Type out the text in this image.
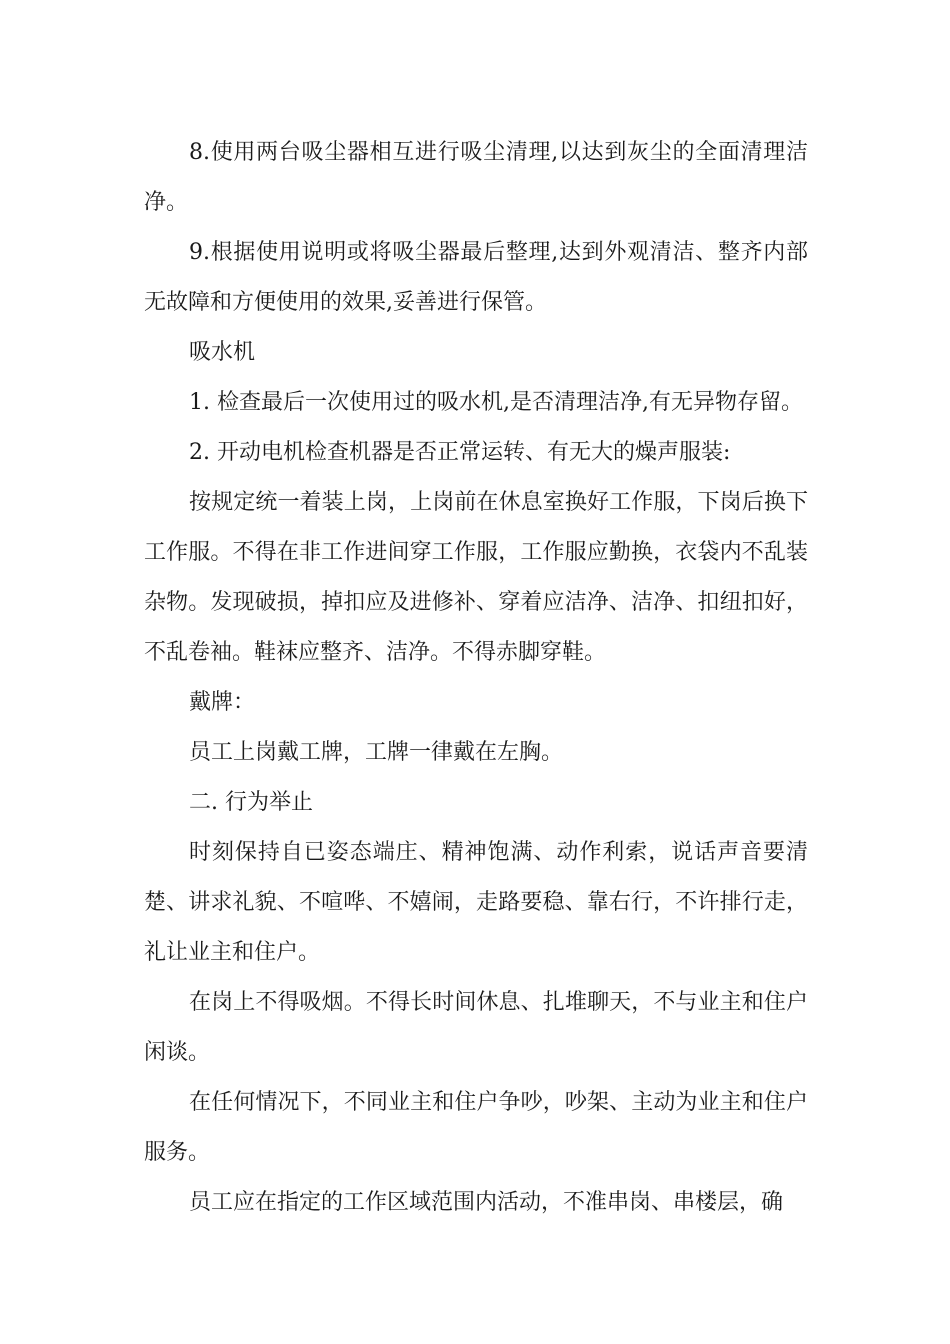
8.使用两台吸尘器相互进行吸尘清理,以达到灰尘的全面清理洁净。

9.根据使用说明或将吸尘器最后整理,达到外观清洁、整齐内部无故障和方便使用的效果,妥善进行保管。

吸水机

1. 检查最后一次使用过的吸水机,是否清理洁净,有无异物存留。

2. 开动电机检查机器是否正常运转、有无大的燥声服装:

按规定统一着装上岗，上岗前在休息室换好工作服，下岗后换下工作服。不得在非工作进间穿工作服，工作服应勤换，衣袋内不乱装杂物。发现破损，掉扣应及进修补、穿着应洁净、洁净、扣纽扣好，不乱卷袖。鞋袜应整齐、洁净。不得赤脚穿鞋。

戴牌：

员工上岗戴工牌，工牌一律戴在左胸。

二. 行为举止

时刻保持自已姿态端庄、精神饱满、动作利索，说话声音要清楚、讲求礼貌、不喧哗、不嬉闹，走路要稳、靠右行，不许排行走，礼让业主和住户。

在岗上不得吸烟。不得长时间休息、扎堆聊天，不与业主和住户闲谈。

在任何情况下，不同业主和住户争吵，吵架、主动为业主和住户服务。

员工应在指定的工作区域范围内活动，不准串岗、串楼层，确
